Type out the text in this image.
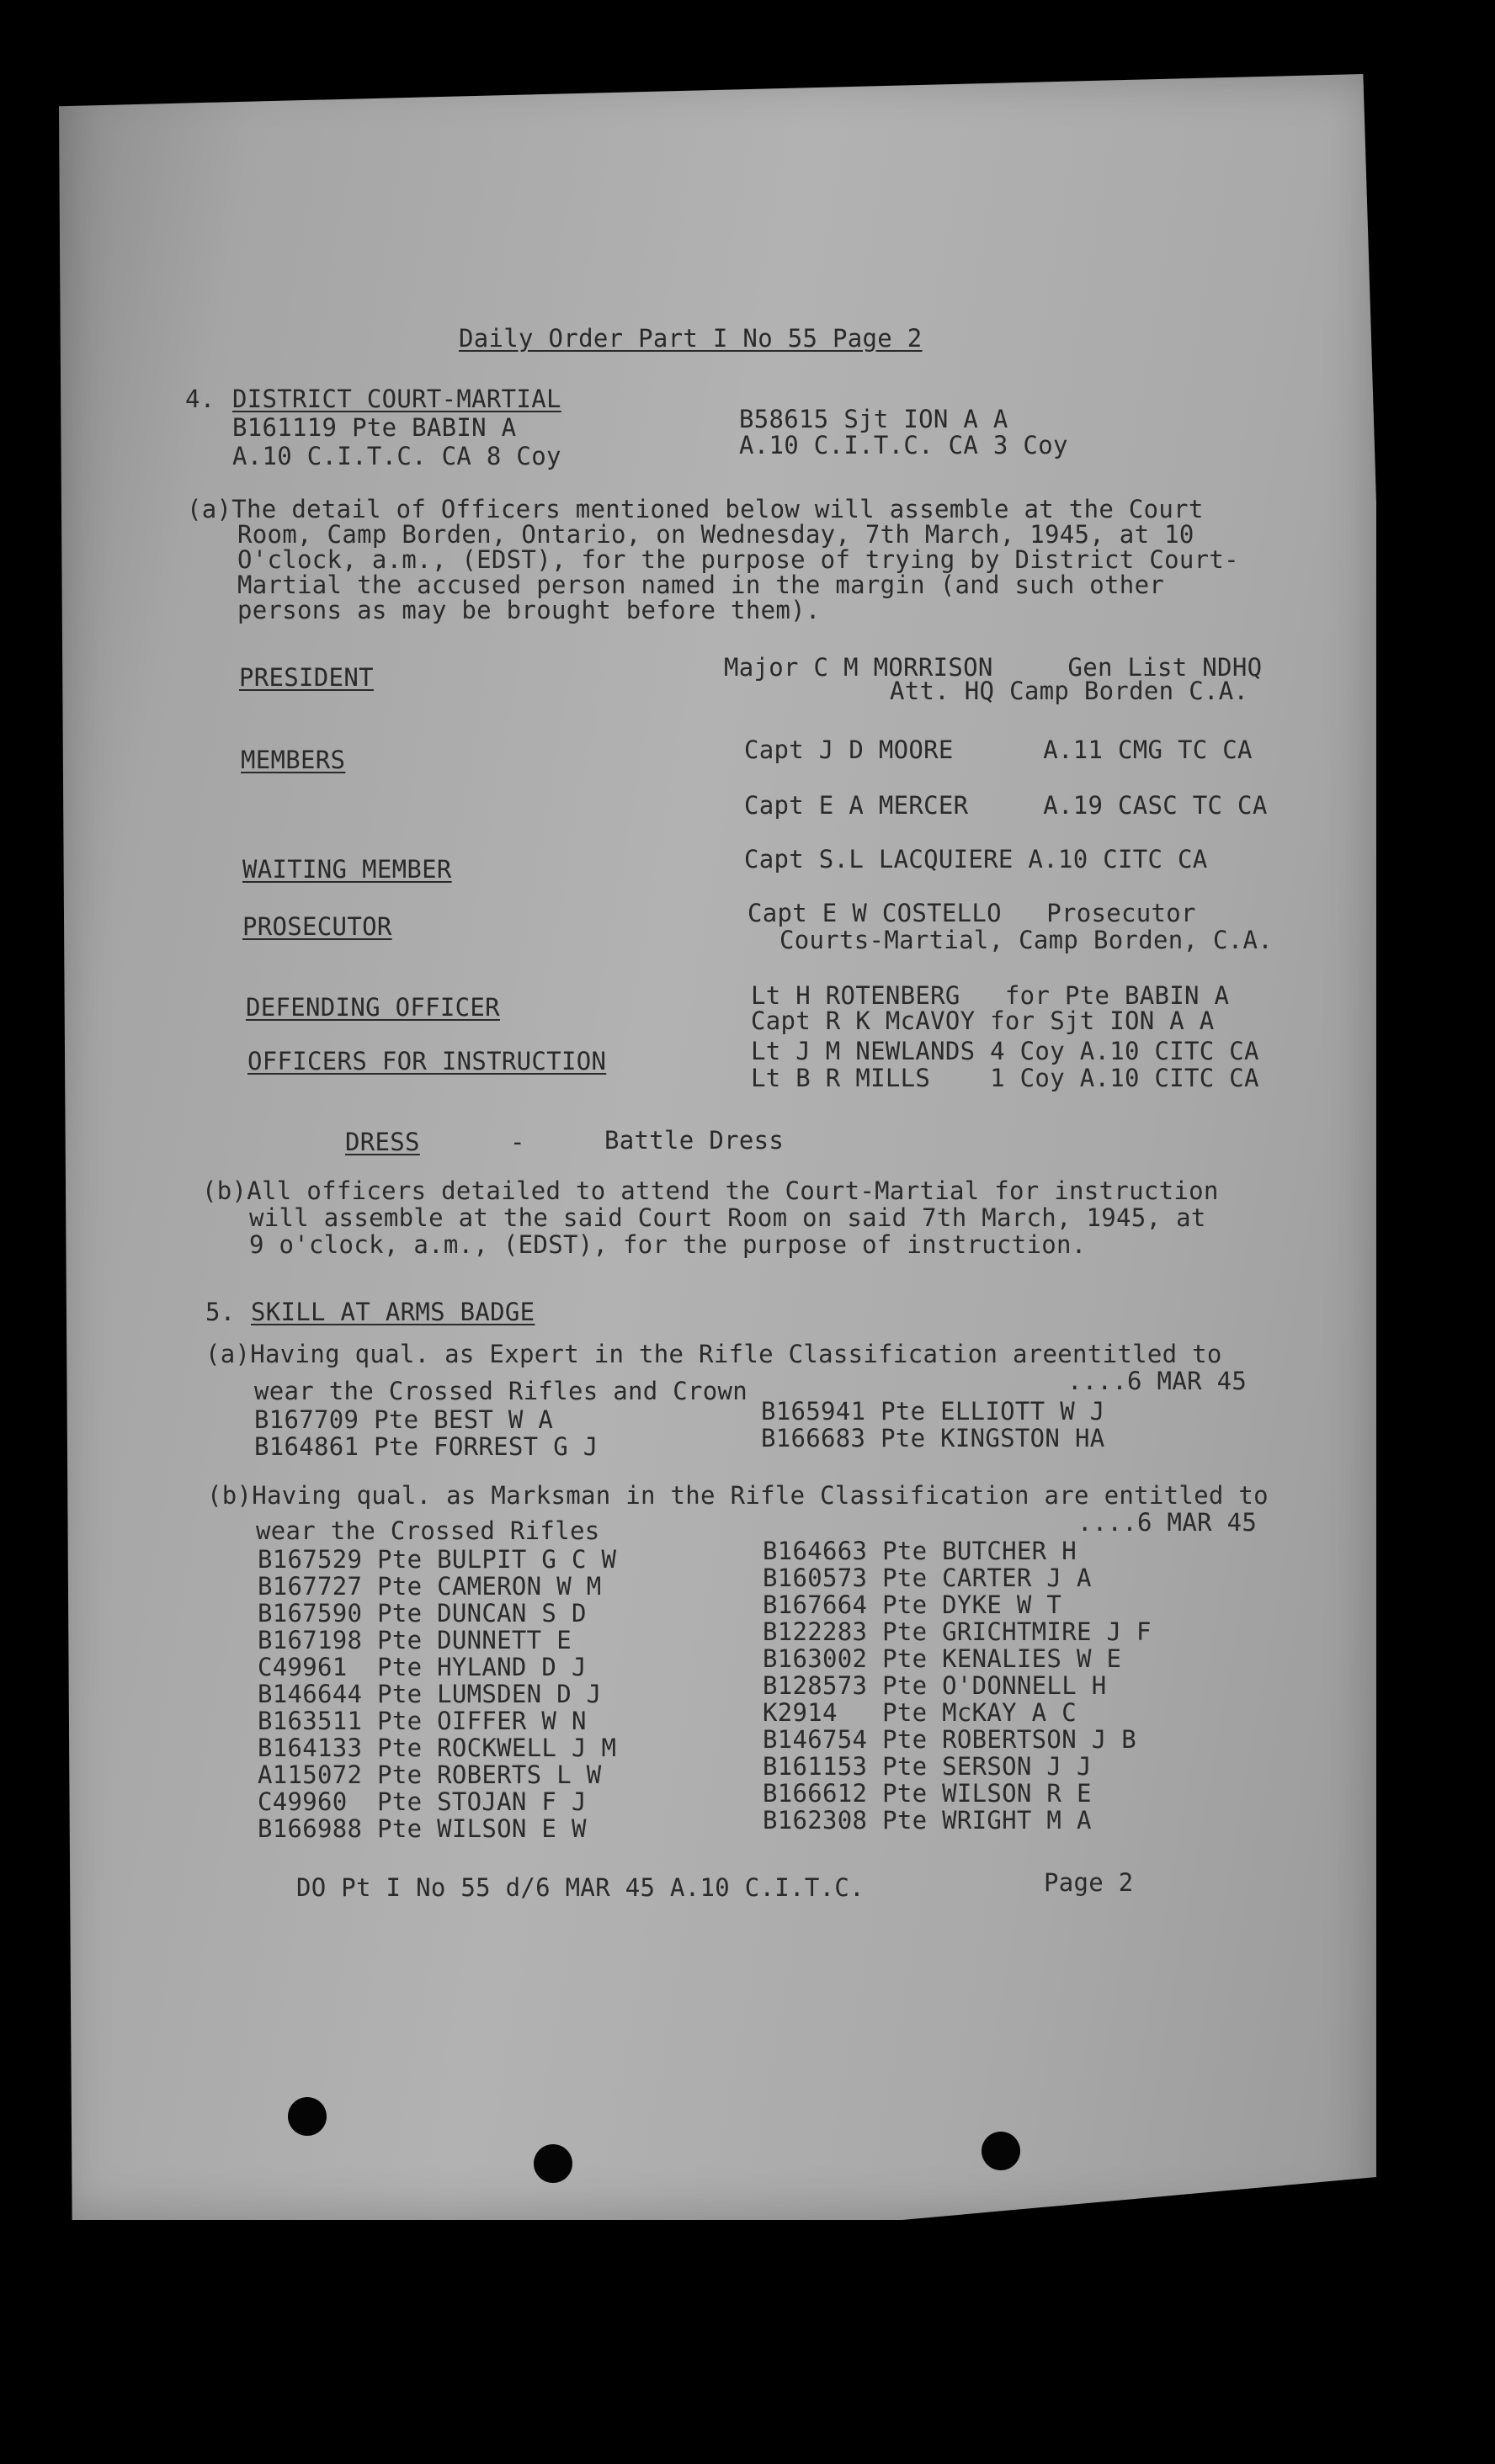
Daily Order Part I No 55 Page 2
4. DISTRICT COURT-MARTIAL
B161119 Pte BABIN A
A.10 C.I.T.C. CA 8 Coy
B58615 Sjt ION A A
A.10 C.I.T.C. CA 3 Coy
(a)The detail of Officers mentioned below will assemble at the Court
Room, Camp Borden, Ontario, on Wednesday, 7th March, 1945, at 10
O'clock, a.m., (EDST), for the purpose of trying by District Court-
Martial the accused person named in the margin (and such other
persons as may be brought before them).
PRESIDENT	Major C M MORRISON     Gen List NDHQ
Att. HQ Camp Borden C.A.
MEMBERS	Capt J D MOORE      A.11 CMG TC CA
Capt E A MERCER     A.19 CASC TC CA
WAITING MEMBER	Capt S.L LACQUIERE A.10 CITC CA
PROSECUTOR	Capt E W COSTELLO   Prosecutor
Courts-Martial, Camp Borden, C.A.
DEFENDING OFFICER	Lt H ROTENBERG   for Pte BABIN A
Capt R K McAVOY for Sjt ION A A
OFFICERS FOR INSTRUCTION	Lt J M NEWLANDS 4 Coy A.10 CITC CA
Lt B R MILLS    1 Coy A.10 CITC CA
DRESS	-	Battle Dress
(b)All officers detailed to attend the Court-Martial for instruction
will assemble at the said Court Room on said 7th March, 1945, at
9 o'clock, a.m., (EDST), for the purpose of instruction.
5. SKILL AT ARMS BADGE
(a)Having qual. as Expert in the Rifle Classification areentitled to
wear the Crossed Rifles and Crown	....6 MAR 45
B167709 Pte BEST W A
B164861 Pte FORREST G J
B165941 Pte ELLIOTT W J
B166683 Pte KINGSTON HA
(b)Having qual. as Marksman in the Rifle Classification are entitled to
wear the Crossed Rifles	....6 MAR 45
B167529 Pte BULPIT G C W
B167727 Pte CAMERON W M
B167590 Pte DUNCAN S D
B167198 Pte DUNNETT E
C49961  Pte HYLAND D J
B146644 Pte LUMSDEN D J
B163511 Pte OIFFER W N
B164133 Pte ROCKWELL J M
A115072 Pte ROBERTS L W
C49960  Pte STOJAN F J
B166988 Pte WILSON E W
B164663 Pte BUTCHER H
B160573 Pte CARTER J A
B167664 Pte DYKE W T
B122283 Pte GRICHTMIRE J F
B163002 Pte KENALIES W E
B128573 Pte O'DONNELL H
K2914   Pte McKAY A C
B146754 Pte ROBERTSON J B
B161153 Pte SERSON J J
B166612 Pte WILSON R E
B162308 Pte WRIGHT M A
DO Pt I No 55 d/6 MAR 45 A.10 C.I.T.C.	Page 2
